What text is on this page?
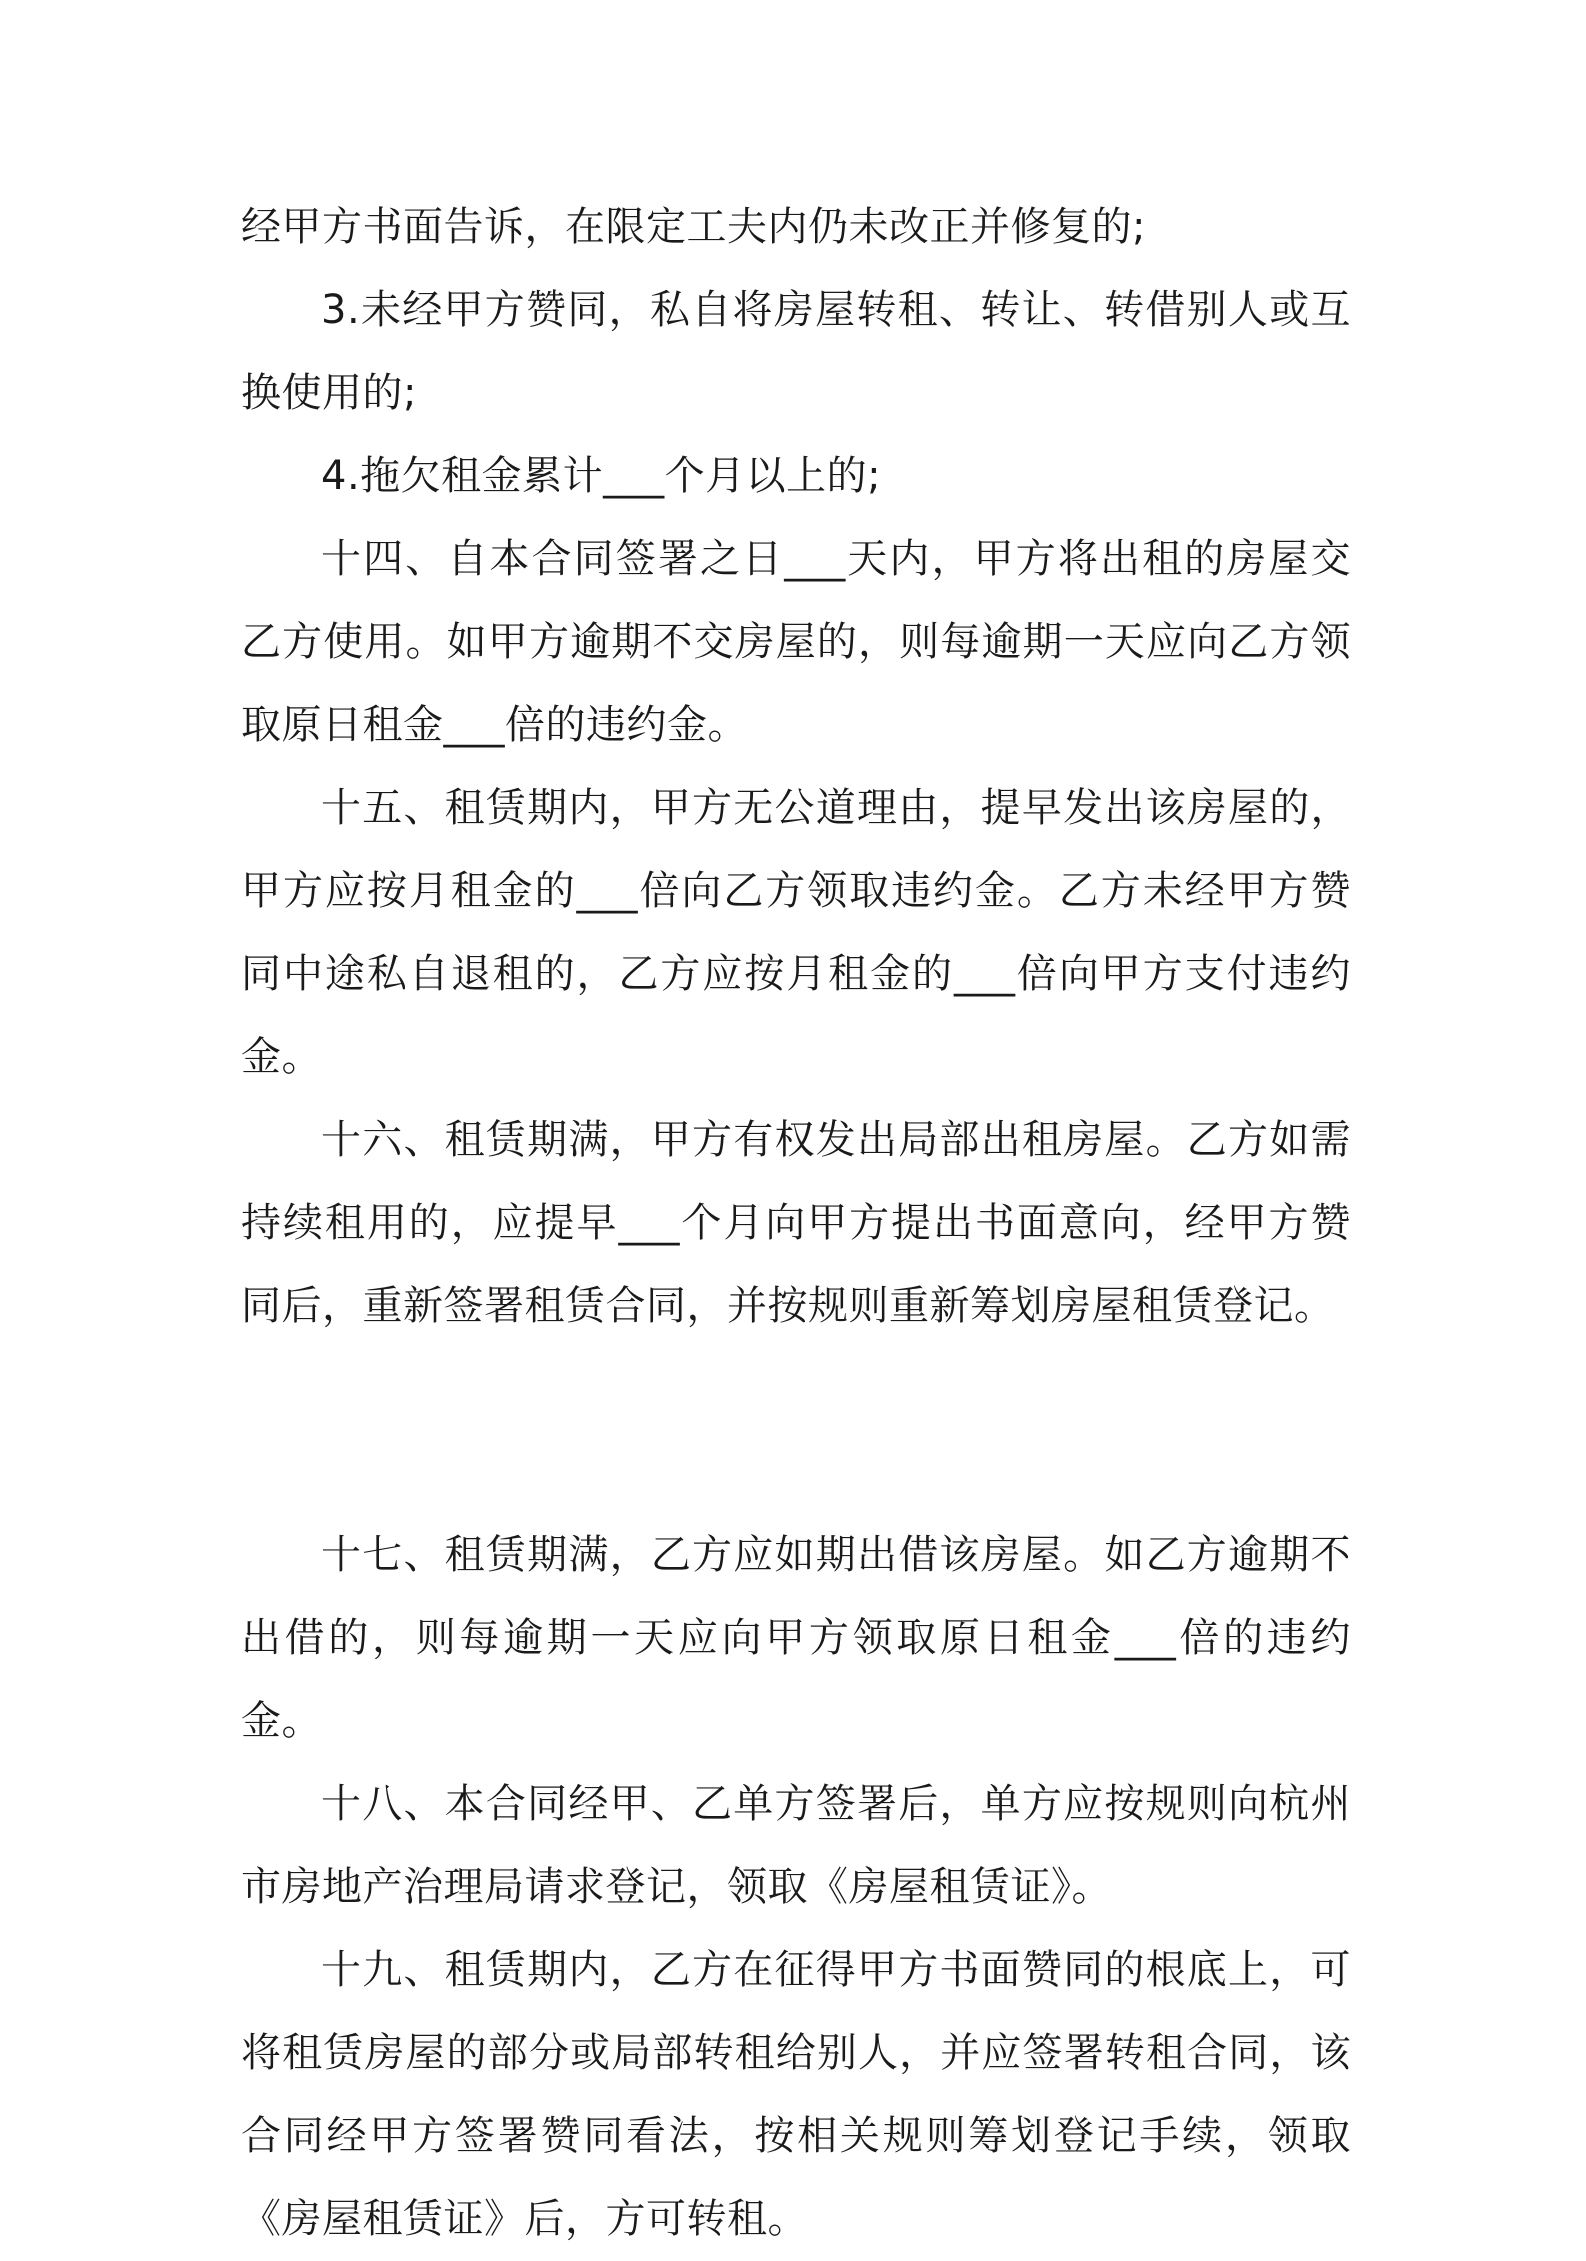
经甲方书面告诉，在限定工夫内仍未改正并修复的;

3.未经甲方赞同，私自将房屋转租、转让、转借别人或互换使用的;

4.拖欠租金累计___个月以上的;

十四、自本合同签署之日___天内，甲方将出租的房屋交乙方使用。如甲方逾期不交房屋的，则每逾期一天应向乙方领取原日租金___倍的违约金。

十五、租赁期内，甲方无公道理由，提早发出该房屋的，甲方应按月租金的___倍向乙方领取违约金。乙方未经甲方赞同中途私自退租的，乙方应按月租金的___倍向甲方支付违约金。

十六、租赁期满，甲方有权发出局部出租房屋。乙方如需持续租用的，应提早___个月向甲方提出书面意向，经甲方赞同后，重新签署租赁合同，并按规则重新筹划房屋租赁登记。

十七、租赁期满，乙方应如期出借该房屋。如乙方逾期不出借的，则每逾期一天应向甲方领取原日租金___倍的违约金。

十八、本合同经甲、乙单方签署后，单方应按规则向杭州市房地产治理局请求登记，领取《房屋租赁证》。

十九、租赁期内，乙方在征得甲方书面赞同的根底上，可将租赁房屋的部分或局部转租给别人，并应签署转租合同，该合同经甲方签署赞同看法，按相关规则筹划登记手续，领取《房屋租赁证》后，方可转租。
